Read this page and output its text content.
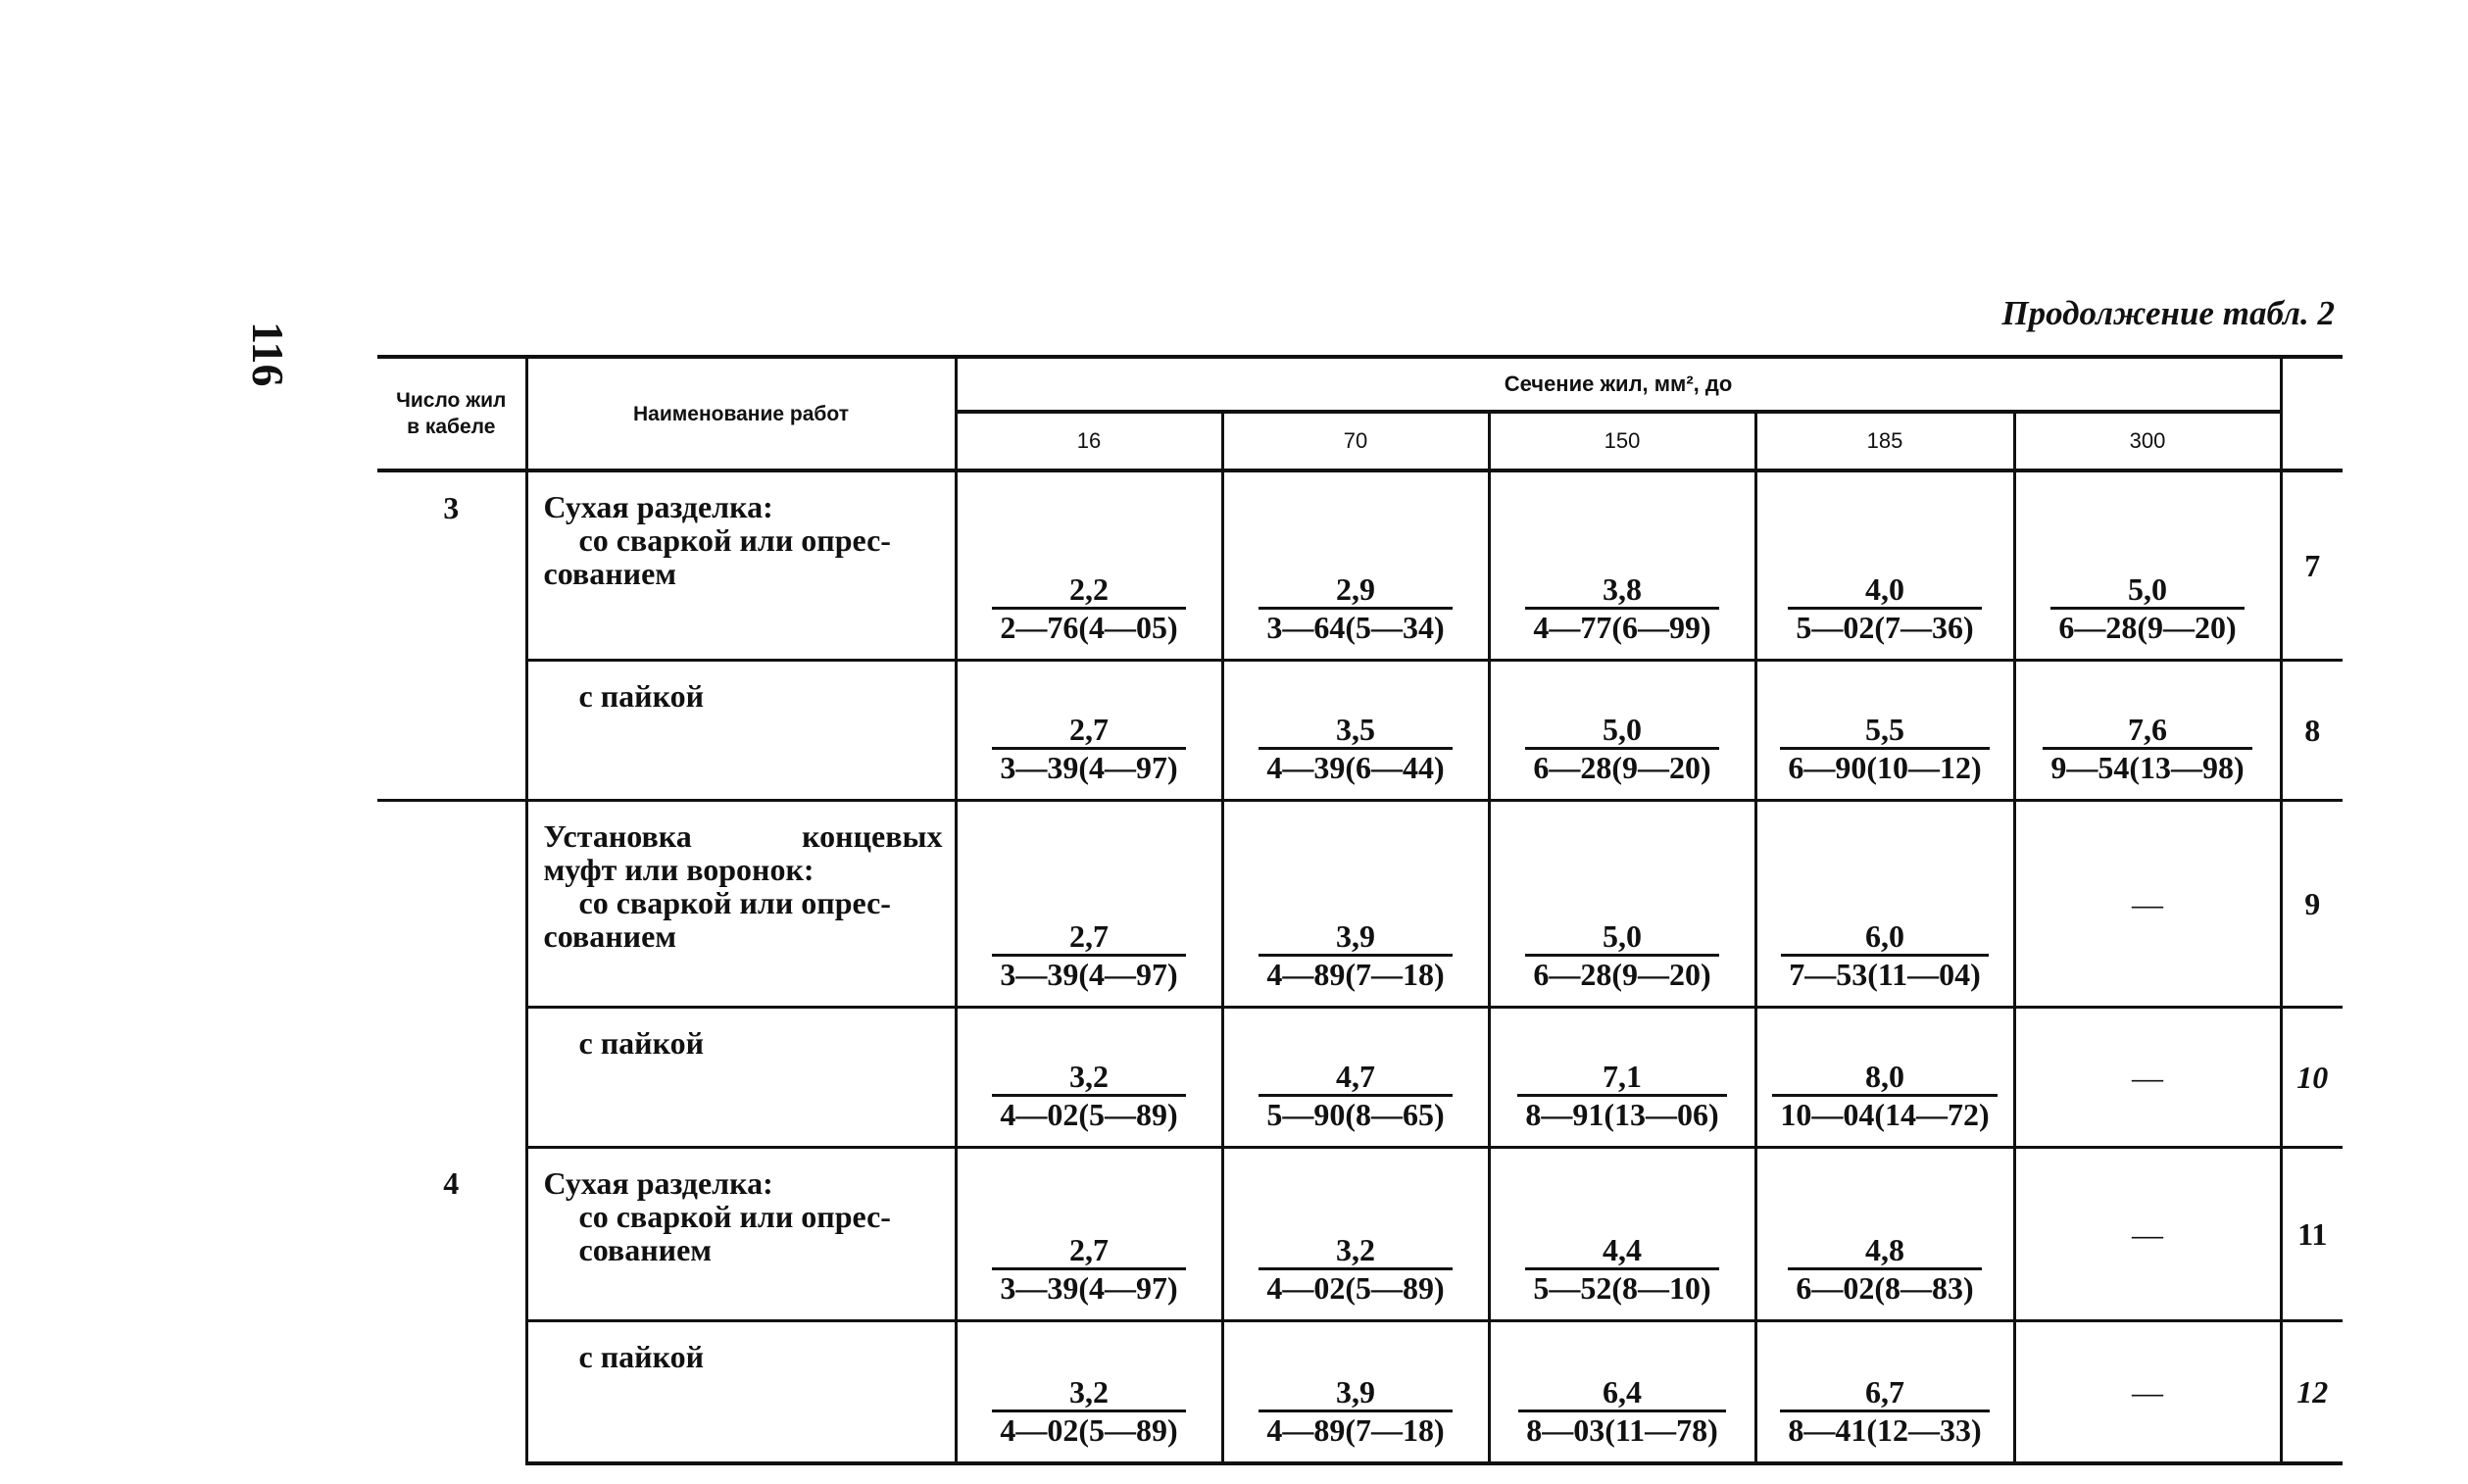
116
Продолжение табл. 2
Число жил
в кабеле	Наименование работ	Сечение жил, мм², до					
		16	70	150	185	300	
3	Сухая разделка:

со сваркой или опрес-
сованием	$\frac{2,2}{2—76(4—05)}$	$\frac{2,9}{3—64(5—34)}$	$\frac{3,8}{4—77(6—99)}$	$\frac{4,0}{5—02(7—36)}$	$\frac{5,0}{6—28(9—20)}$	7

	с пайкой	$\frac{2,7}{3—39(4—97)}$	$\frac{3,5}{4—39(6—44)}$	$\frac{5,0}{6—28(9—20)}$	$\frac{5,5}{6—90(10—12)}$	$\frac{7,6}{9—54(13—98)}$	8

	Установка концевых
муфт или воронок:

со сваркой или опрес-
сованием	$\frac{2,7}{3—39(4—97)}$	$\frac{3,9}{4—89(7—18)}$	$\frac{5,0}{6—28(9—20)}$	$\frac{6,0}{7—53(11—04)}$	—	9

	с пайкой	$\frac{3,2}{4—02(5—89)}$	$\frac{4,7}{5—90(8—65)}$	$\frac{7,1}{8—91(13—06)}$	$\frac{8,0}{10—04(14—72)}$	—	10
4	Сухая разделка:

со сваркой или опрес-
сованием	$\frac{2,7}{3—39(4—97)}$	$\frac{3,2}{4—02(5—89)}$	$\frac{4,4}{5—52(8—10)}$	$\frac{4,8}{6—02(8—83)}$	—	11

	с пайкой	$\frac{3,2}{4—02(5—89)}$	$\frac{3,9}{4—89(7—18)}$	$\frac{6,4}{8—03(11—78)}$	$\frac{6,7}{8—41(12—33)}$	—	12
